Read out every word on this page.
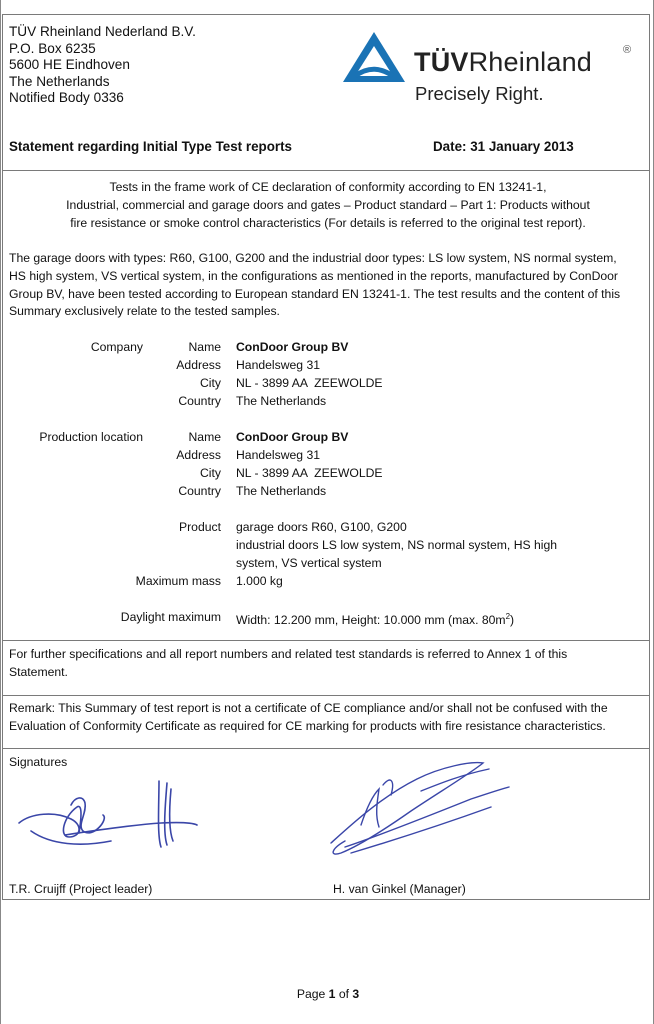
TÜV Rheinland Nederland B.V.
P.O. Box 6235
5600 HE Eindhoven
The Netherlands
Notified Body 0336
TÜVRheinland	®
Precisely Right.
Statement regarding Initial Type Test reports	Date: 31 January 2013
Tests in the frame work of CE declaration of conformity according to EN 13241-1,
Industrial, commercial and garage doors and gates – Product standard – Part 1: Products without
fire resistance or smoke control characteristics (For details is referred to the original test report).
The garage doors with types: R60, G100, G200 and the industrial door types: LS low system, NS normal system,
HS high system, VS vertical system, in the configurations as mentioned in the reports, manufactured by ConDoor
Group BV, have been tested according to European standard EN 13241-1. The test results and the content of this
Summary exclusively relate to the tested samples.
Company	Name ConDoor Group BV
Address Handelsweg 31
City NL - 3899 AA  ZEEWOLDE
Country The Netherlands
Production location	Name ConDoor Group BV
Address Handelsweg 31
City NL - 3899 AA  ZEEWOLDE
Country The Netherlands
Product garage doors R60, G100, G200
industrial doors LS low system, NS normal system, HS high
system, VS vertical system
Maximum mass 1.000 kg
Daylight maximum Width: 12.200 mm, Height: 10.000 mm (max. $80m^2$)
For further specifications and all report numbers and related test standards is referred to Annex 1 of this
Statement.
Remark: This Summary of test report is not a certificate of CE compliance and/or shall not be confused with the
Evaluation of Conformity Certificate as required for CE marking for products with fire resistance characteristics.
Signatures
T.R. Cruijff (Project leader)	H. van Ginkel (Manager)
Page 1 of 3
